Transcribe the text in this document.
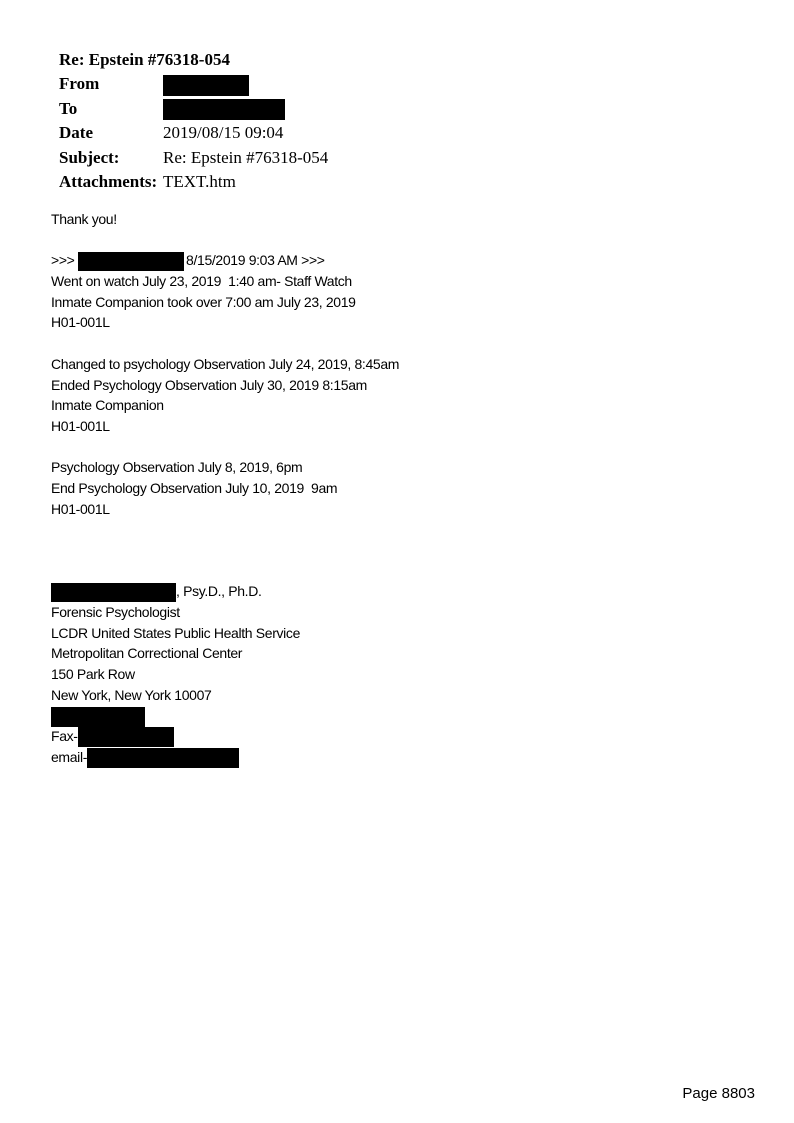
Re: Epstein #76318-054
From
To
Date	2019/08/15 09:04
Subject:	Re: Epstein #76318-054
Attachments: TEXT.htm
Thank you!
>>>	8/15/2019 9:03 AM >>>
Went on watch July 23, 2019  1:40 am- Staff Watch
Inmate Companion took over 7:00 am July 23, 2019
H01-001L
Changed to psychology Observation July 24, 2019, 8:45am
Ended Psychology Observation July 30, 2019 8:15am
Inmate Companion
H01-001L
Psychology Observation July 8, 2019, 6pm
End Psychology Observation July 10, 2019  9am
H01-001L
, Psy.D., Ph.D.
Forensic Psychologist
LCDR United States Public Health Service
Metropolitan Correctional Center
150 Park Row
New York, New York 10007
Fax-
email-
Page 8803
